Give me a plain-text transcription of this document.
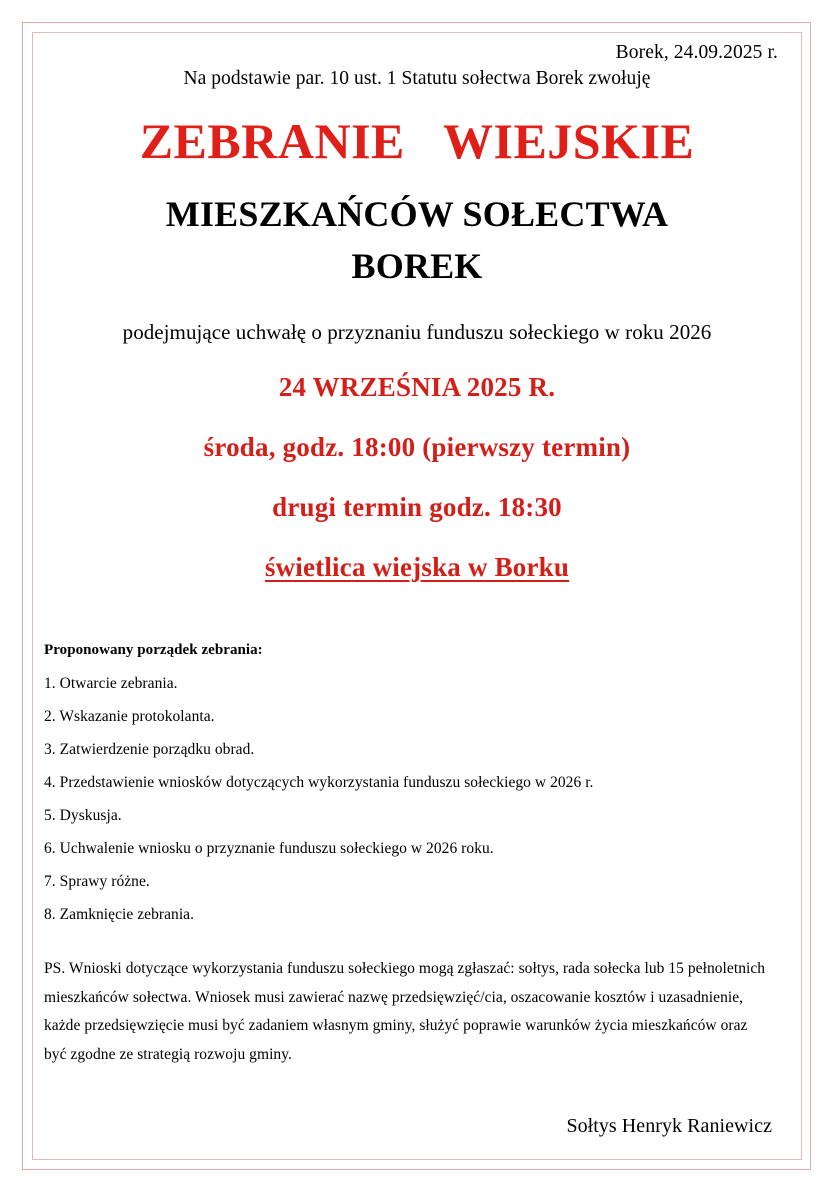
Borek, 24.09.2025 r.
Na podstawie par. 10 ust. 1 Statutu sołectwa Borek zwołuję
ZEBRANIE   WIEJSKIE
MIESZKAŃCÓW SOŁECTWA
BOREK
podejmujące uchwałę o przyznaniu funduszu sołeckiego w roku 2026
24 WRZEŚNIA 2025 R.
środa, godz. 18:00 (pierwszy termin)
drugi termin godz. 18:30
świetlica wiejska w Borku
Proponowany porządek zebrania:
1. Otwarcie zebrania.
2. Wskazanie protokolanta.
3. Zatwierdzenie porządku obrad.
4. Przedstawienie wniosków dotyczących wykorzystania funduszu sołeckiego w 2026 r.
5. Dyskusja.
6. Uchwalenie wniosku o przyznanie funduszu sołeckiego w 2026 roku.
7. Sprawy różne.
8. Zamknięcie zebrania.

PS. Wnioski dotyczące wykorzystania funduszu sołeckiego mogą zgłaszać: sołtys, rada sołecka lub 15 pełnoletnich mieszkańców sołectwa. Wniosek musi zawierać nazwę przedsięwzięć/cia, oszacowanie kosztów i uzasadnienie, każde przedsięwzięcie musi być zadaniem własnym gminy, służyć poprawie warunków życia mieszkańców oraz być zgodne ze strategią rozwoju gminy.

Sołtys Henryk Raniewicz
